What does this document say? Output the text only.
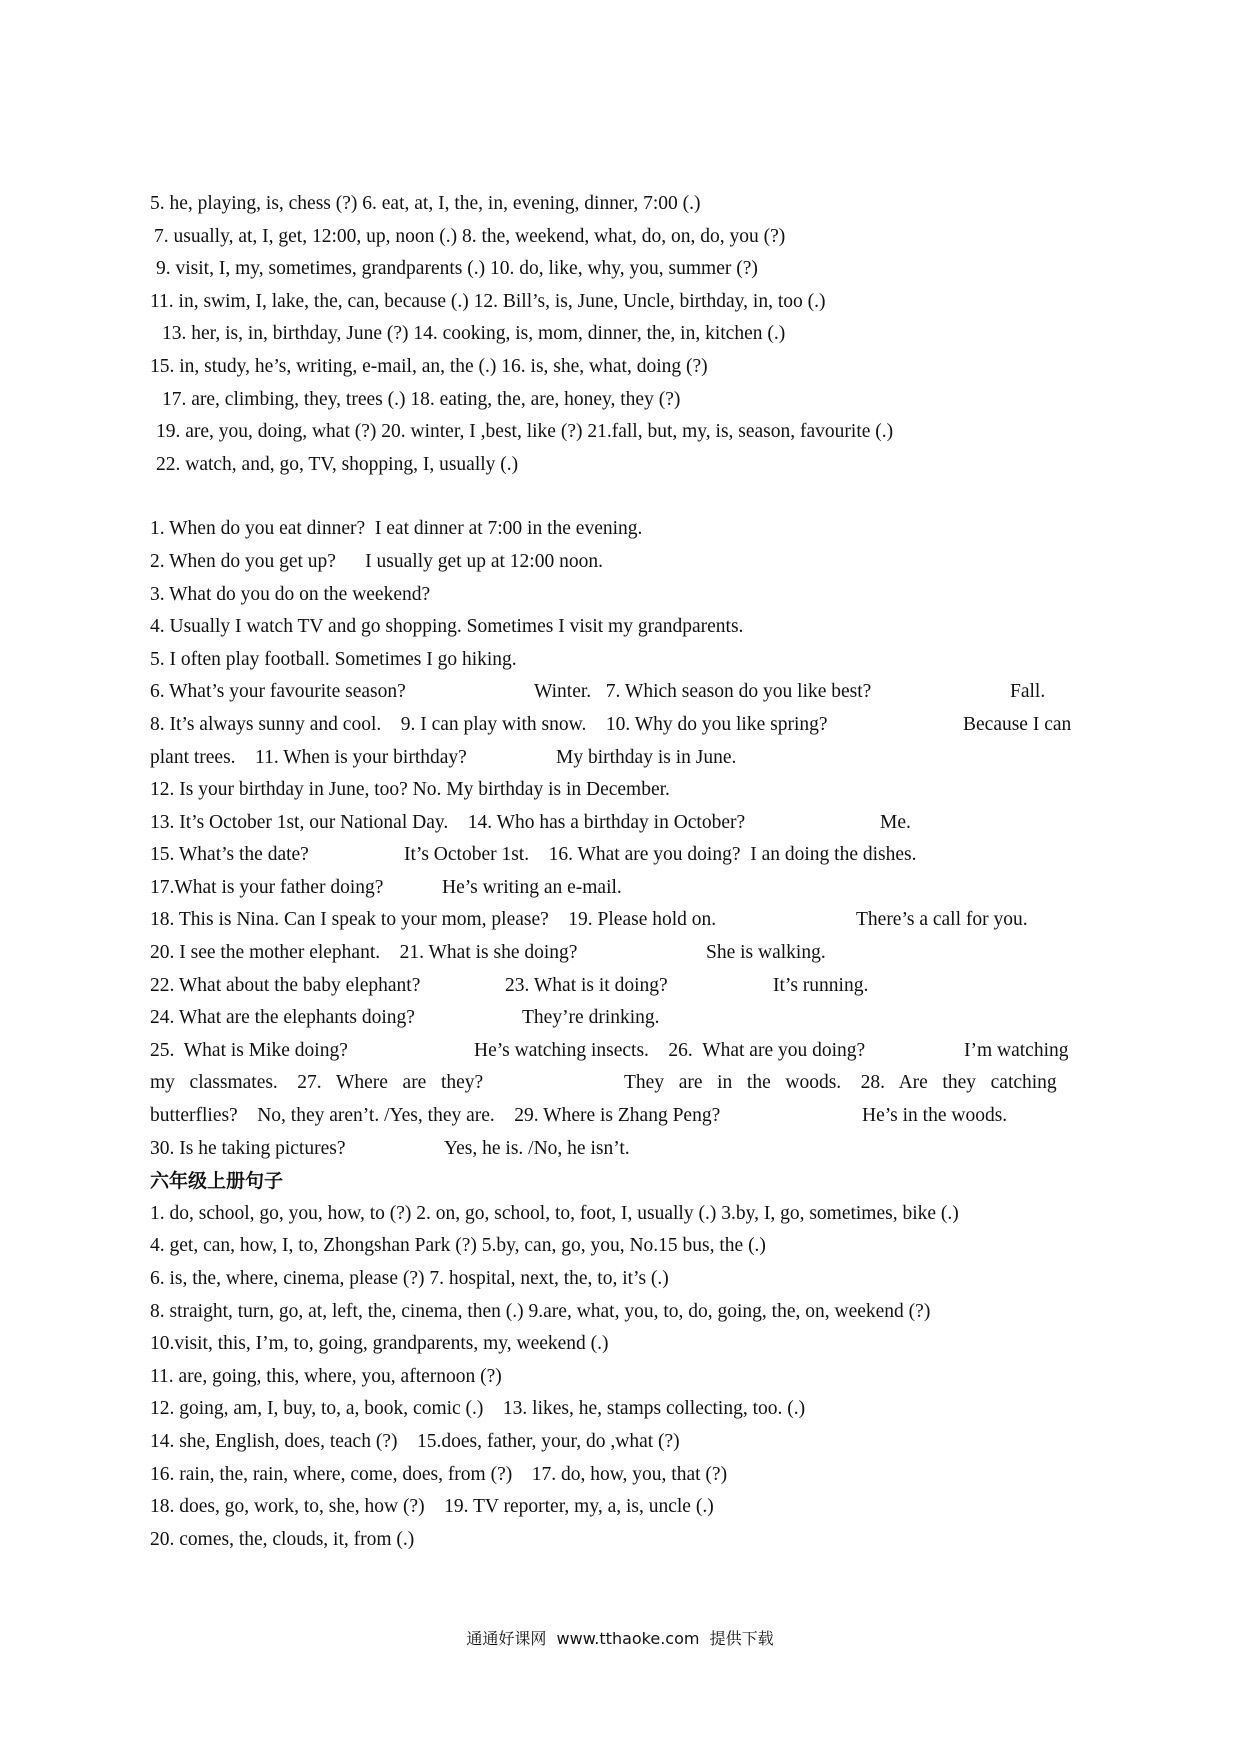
5. he, playing, is, chess (?) 6. eat, at, I, the, in, evening, dinner, 7:00 (.)
7. usually, at, I, get, 12:00, up, noon (.) 8. the, weekend, what, do, on, do, you (?)
9. visit, I, my, sometimes, grandparents (.) 10. do, like, why, you, summer (?)
11. in, swim, I, lake, the, can, because (.) 12. Bill’s, is, June, Uncle, birthday, in, too (.)
13. her, is, in, birthday, June (?) 14. cooking, is, mom, dinner, the, in, kitchen (.)
15. in, study, he’s, writing, e-mail, an, the (.) 16. is, she, what, doing (?)
17. are, climbing, they, trees (.) 18. eating, the, are, honey, they (?)
19. are, you, doing, what (?) 20. winter, I ,best, like (?) 21.fall, but, my, is, season, favourite (.)
22. watch, and, go, TV, shopping, I, usually (.)
1. When do you eat dinner?  I eat dinner at 7:00 in the evening.
2. When do you get up?      I usually get up at 12:00 noon.
3. What do you do on the weekend?
4. Usually I watch TV and go shopping. Sometimes I visit my grandparents.
5. I often play football. Sometimes I go hiking.
6. What’s your favourite season?	Winter.   7. Which season do you like best?	Fall.
8. It’s always sunny and cool.    9. I can play with snow.    10. Why do you like spring?	Because I can
plant trees.    11. When is your birthday?	My birthday is in June.
12. Is your birthday in June, too? No. My birthday is in December.
13. It’s October 1st, our National Day.    14. Who has a birthday in October?	Me.
15. What’s the date?	It’s October 1st.    16. What are you doing?  I an doing the dishes.
17.What is your father doing?	He’s writing an e-mail.
18. This is Nina. Can I speak to your mom, please?    19. Please hold on.	There’s a call for you.
20. I see the mother elephant.    21. What is she doing?	She is walking.
22. What about the baby elephant?	23. What is it doing?	It’s running.
24. What are the elephants doing?	They’re drinking.
25.  What is Mike doing?	He’s watching insects.    26.  What are you doing?	I’m watching
my   classmates.    27.   Where   are   they?	They   are   in   the   woods.    28.   Are   they   catching
butterflies?    No, they aren’t. /Yes, they are.    29. Where is Zhang Peng?	He’s in the woods.
30. Is he taking pictures?	Yes, he is. /No, he isn’t.
六年级上册句子
1. do, school, go, you, how, to (?) 2. on, go, school, to, foot, I, usually (.) 3.by, I, go, sometimes, bike (.)
4. get, can, how, I, to, Zhongshan Park (?) 5.by, can, go, you, No.15 bus, the (.)
6. is, the, where, cinema, please (?) 7. hospital, next, the, to, it’s (.)
8. straight, turn, go, at, left, the, cinema, then (.) 9.are, what, you, to, do, going, the, on, weekend (?)
10.visit, this, I’m, to, going, grandparents, my, weekend (.)
11. are, going, this, where, you, afternoon (?)
12. going, am, I, buy, to, a, book, comic (.)    13. likes, he, stamps collecting, too. (.)
14. she, English, does, teach (?)    15.does, father, your, do ,what (?)
16. rain, the, rain, where, come, does, from (?)    17. do, how, you, that (?)
18. does, go, work, to, she, how (?)    19. TV reporter, my, a, is, uncle (.)
20. comes, the, clouds, it, from (.)
通通好课网  www.tthaoke.com  提供下载
